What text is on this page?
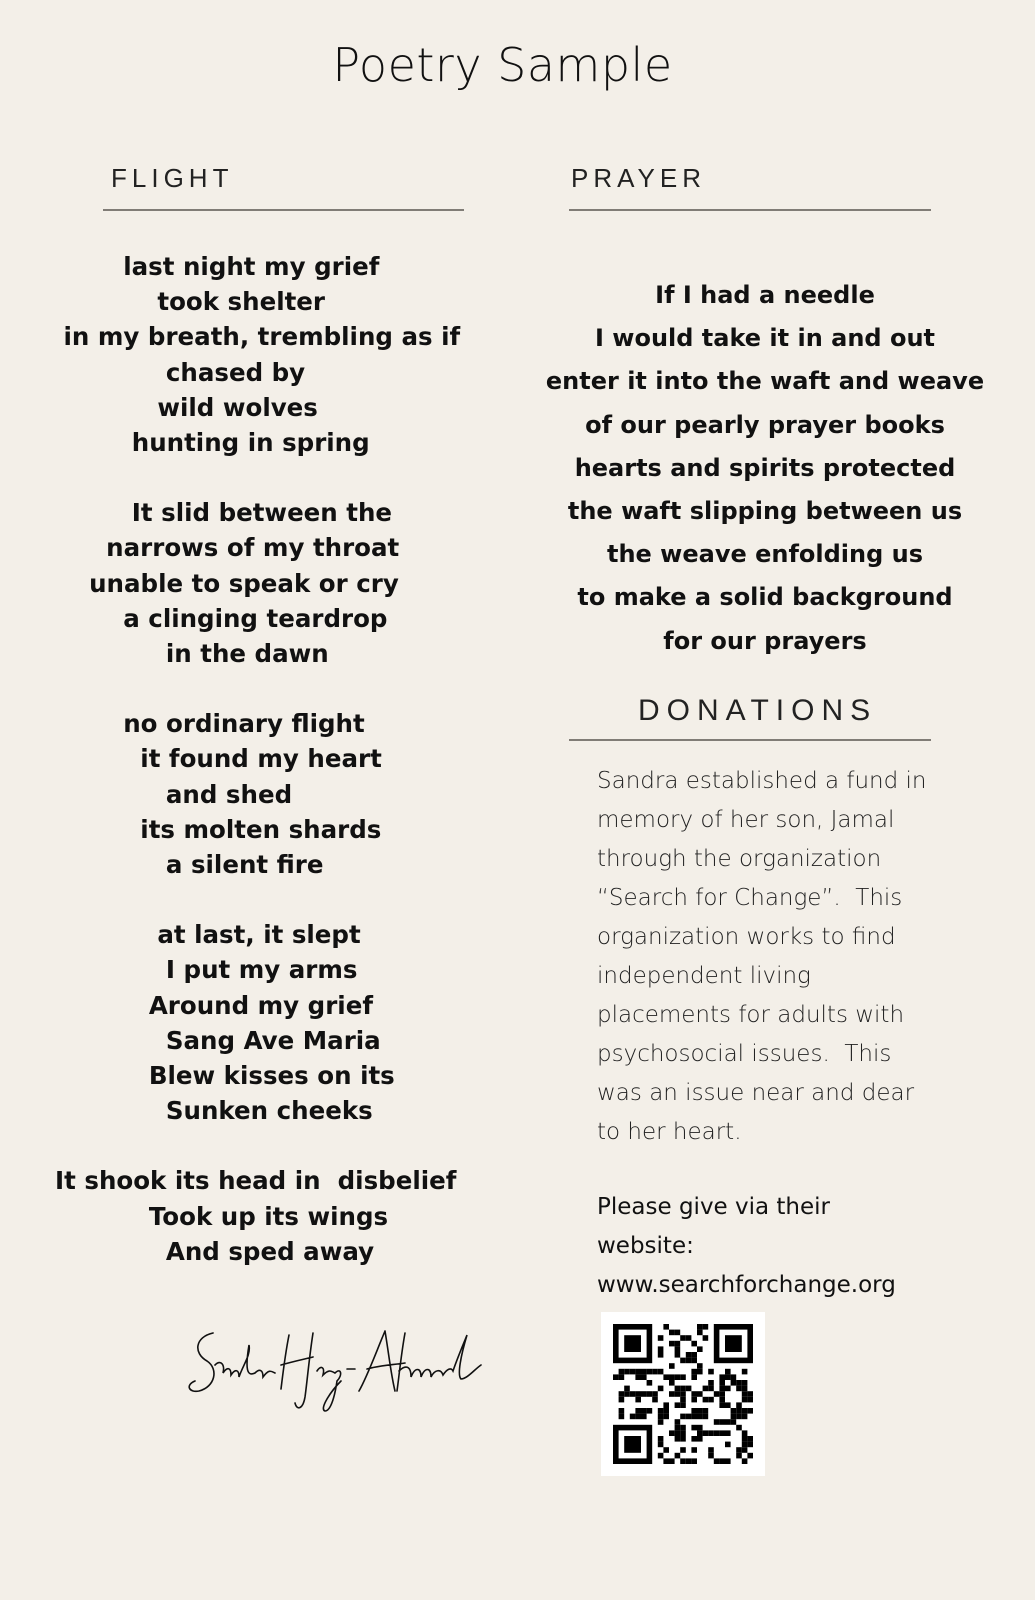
Poetry Sample
FLIGHT
last night my grief
took shelter
in my breath, trembling as if
chased by
wild wolves
hunting in spring
It slid between the
narrows of my throat
unable to speak or cry
a clinging teardrop
in the dawn
no ordinary flight
it found my heart
and shed
its molten shards
a silent fire
at last, it slept
I put my arms
Around my grief
Sang Ave Maria
Blew kisses on its
Sunken cheeks
It shook its head in  disbelief
Took up its wings
And sped away
PRAYER
If I had a needle
I would take it in and out
enter it into the waft and weave
of our pearly prayer books
hearts and spirits protected
the waft slipping between us
the weave enfolding us
to make a solid background
for our prayers
DONATIONS
Sandra established a fund in
memory of her son, Jamal
through the organization
“Search for Change”.  This
organization works to find
independent living
placements for adults with
psychosocial issues.  This
was an issue near and dear
to her heart.
Please give via their
website:
www.searchforchange.org
